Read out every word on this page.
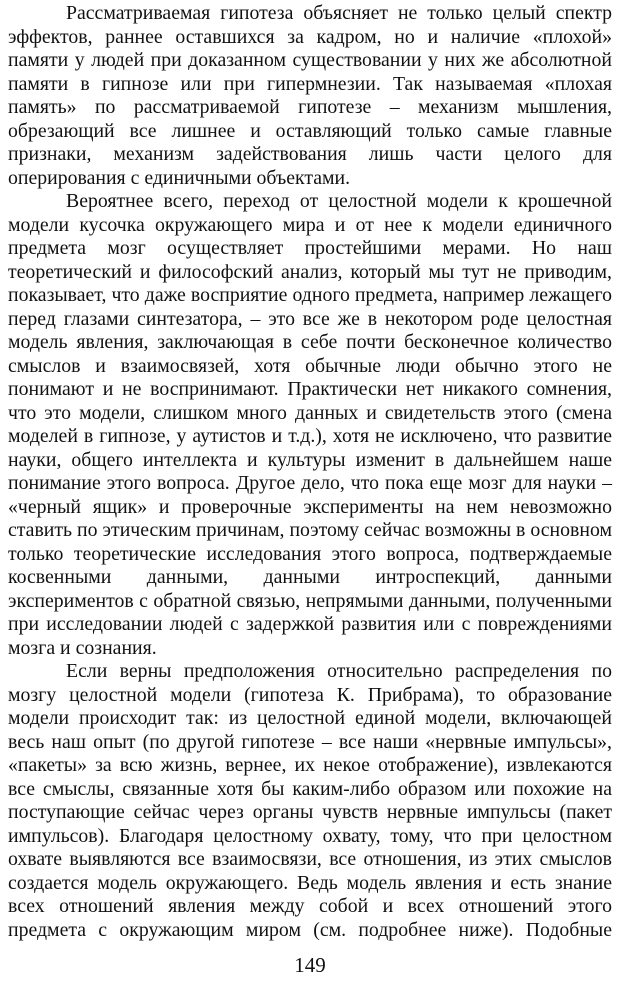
Рассматриваемая гипотеза объясняет не только целый спектр эффектов, раннее оставшихся за кадром, но и наличие «плохой» памяти у людей при доказанном существовании у них же абсолютной памяти в гипнозе или при гипермнезии. Так называемая «плохая память» по рассматриваемой гипотезе – механизм мышления, обрезающий все лишнее и оставляющий только самые главные признаки, механизм задействования лишь части целого для оперирования с единичными объектами.

Вероятнее всего, переход от целостной модели к крошечной модели кусочка окружающего мира и от нее к модели единичного предмета мозг осуществляет простейшими мерами. Но наш теоретический и философский анализ, который мы тут не приводим, показывает, что даже восприятие одного предмета, например лежащего перед глазами синтезатора, – это все же в некотором роде целостная модель явления, заключающая в себе почти бесконечное количество смыслов и взаимосвязей, хотя обычные люди обычно этого не понимают и не воспринимают. Практически нет никакого сомнения, что это модели, слишком много данных и свидетельств этого (смена моделей в гипнозе, у аутистов и т.д.), хотя не исключено, что развитие науки, общего интеллекта и культуры изменит в дальнейшем наше понимание этого вопроса. Другое дело, что пока еще мозг для науки – «черный ящик» и проверочные эксперименты на нем невозможно ставить по этическим причинам, поэтому сейчас возможны в основном только теоретические исследования этого вопроса, подтверждаемые косвенными данными, данными интроспекций, данными экспериментов с обратной связью, непрямыми данными, полученными при исследовании людей с задержкой развития или с повреждениями мозга и сознания.

Если верны предположения относительно распределения по мозгу целостной модели (гипотеза К. Прибрама), то образование модели происходит так: из целостной единой модели, включающей весь наш опыт (по другой гипотезе – все наши «нервные импульсы», «пакеты» за всю жизнь, вернее, их некое отображение), извлекаются все смыслы, связанные хотя бы каким-либо образом или похожие на поступающие сейчас через органы чувств нервные импульсы (пакет импульсов). Благодаря целостному охвату, тому, что при целостном охвате выявляются все взаимосвязи, все отношения, из этих смыслов создается модель окружающего. Ведь модель явления и есть знание всех отношений явления между собой и всех отношений этого предмета с окружающим миром (см. подробнее ниже). Подобные

149
